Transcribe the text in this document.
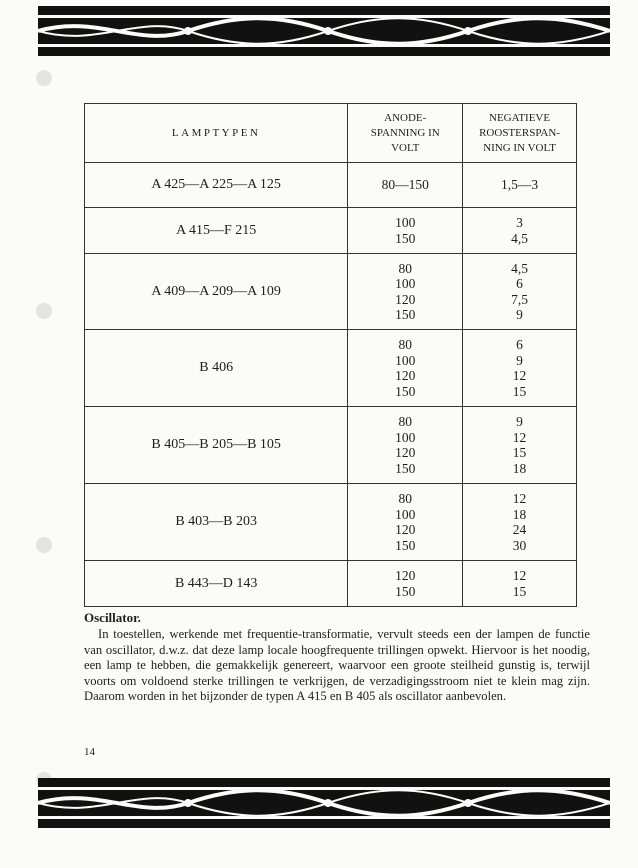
LAMPTYPEN	ANODE-
SPANNING IN
VOLT	NEGATIEVE
ROOSTERSPAN-
NING IN VOLT
A 425—A 225—A 125	80—150	1,5—3
A 415—F 215	100
150	3
4,5
A 409—A 209—A 109	80
100
120
150	4,5
6
7,5
9
B 406	80
100
120
150	6
9
12
15
B 405—B 205—B 105	80
100
120
150	9
12
15
18
B 403—B 203	80
100
120
150	12
18
24
30
B 443—D 143	120
150	12
15
Oscillator.
In toestellen, werkende met frequentie-transformatie, vervult steeds een der lampen de functie van oscillator, d.w.z. dat deze lamp locale hoogfrequente trillingen opwekt. Hiervoor is het noodig, een lamp te hebben, die gemakkelijk genereert, waarvoor een groote steilheid gunstig is, terwijl voorts om voldoend sterke trillingen te verkrijgen, de verzadigingsstroom niet te klein mag zijn. Daarom worden in het bijzonder de typen A 415 en B 405 als oscillator aanbevolen.
14
